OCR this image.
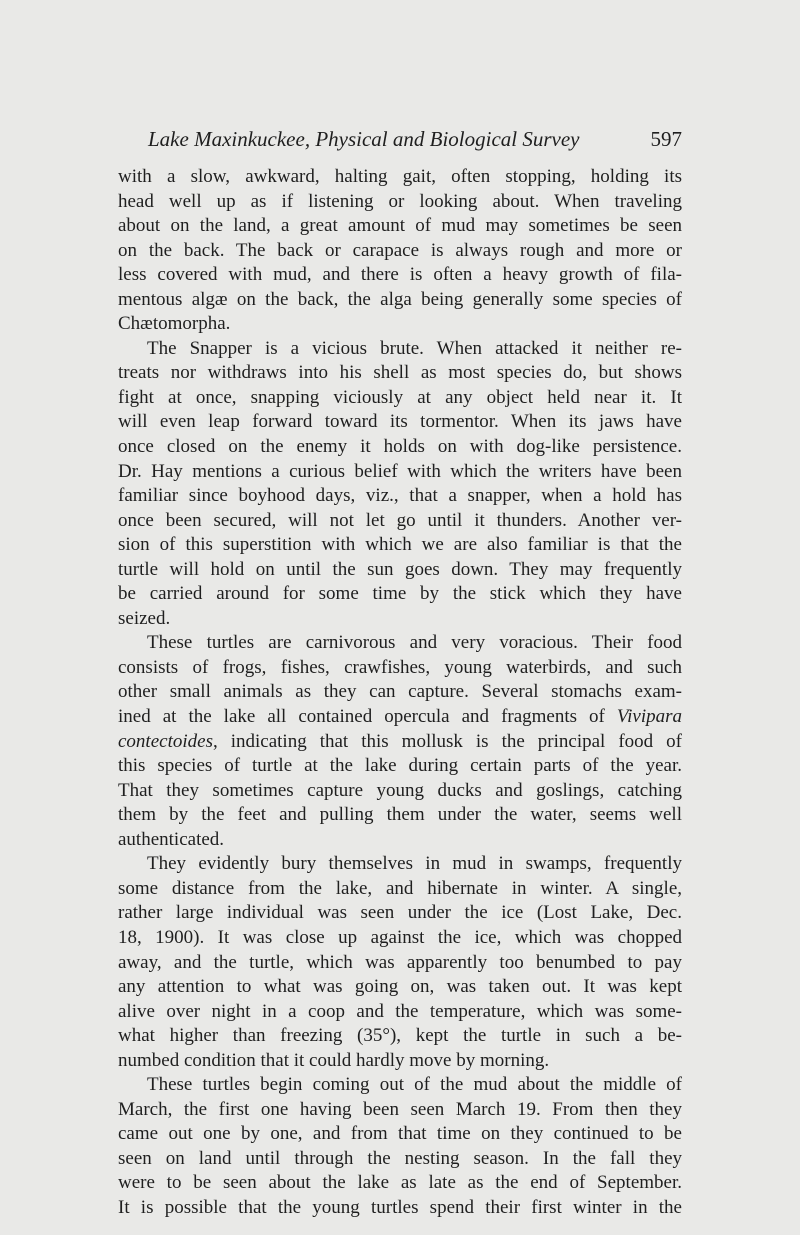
Lake Maxinkuckee, Physical and Biological Survey	597
with a slow, awkward, halting gait, often stopping, holding its
head well up as if listening or looking about. When traveling
about on the land, a great amount of mud may sometimes be seen
on the back. The back or carapace is always rough and more or
less covered with mud, and there is often a heavy growth of fila-
mentous algæ on the back, the alga being generally some species of
Chætomorpha.
The Snapper is a vicious brute. When attacked it neither re-
treats nor withdraws into his shell as most species do, but shows
fight at once, snapping viciously at any object held near it. It
will even leap forward toward its tormentor. When its jaws have
once closed on the enemy it holds on with dog-like persistence.
Dr. Hay mentions a curious belief with which the writers have been
familiar since boyhood days, viz., that a snapper, when a hold has
once been secured, will not let go until it thunders. Another ver-
sion of this superstition with which we are also familiar is that the
turtle will hold on until the sun goes down. They may frequently
be carried around for some time by the stick which they have
seized.
These turtles are carnivorous and very voracious. Their food
consists of frogs, fishes, crawfishes, young waterbirds, and such
other small animals as they can capture. Several stomachs exam-
ined at the lake all contained opercula and fragments of Vivipara
contectoides, indicating that this mollusk is the principal food of
this species of turtle at the lake during certain parts of the year.
That they sometimes capture young ducks and goslings, catching
them by the feet and pulling them under the water, seems well
authenticated.
They evidently bury themselves in mud in swamps, frequently
some distance from the lake, and hibernate in winter. A single,
rather large individual was seen under the ice (Lost Lake, Dec.
18, 1900). It was close up against the ice, which was chopped
away, and the turtle, which was apparently too benumbed to pay
any attention to what was going on, was taken out. It was kept
alive over night in a coop and the temperature, which was some-
what higher than freezing (35°), kept the turtle in such a be-
numbed condition that it could hardly move by morning.
These turtles begin coming out of the mud about the middle of
March, the first one having been seen March 19. From then they
came out one by one, and from that time on they continued to be
seen on land until through the nesting season. In the fall they
were to be seen about the lake as late as the end of September.
It is possible that the young turtles spend their first winter in the
